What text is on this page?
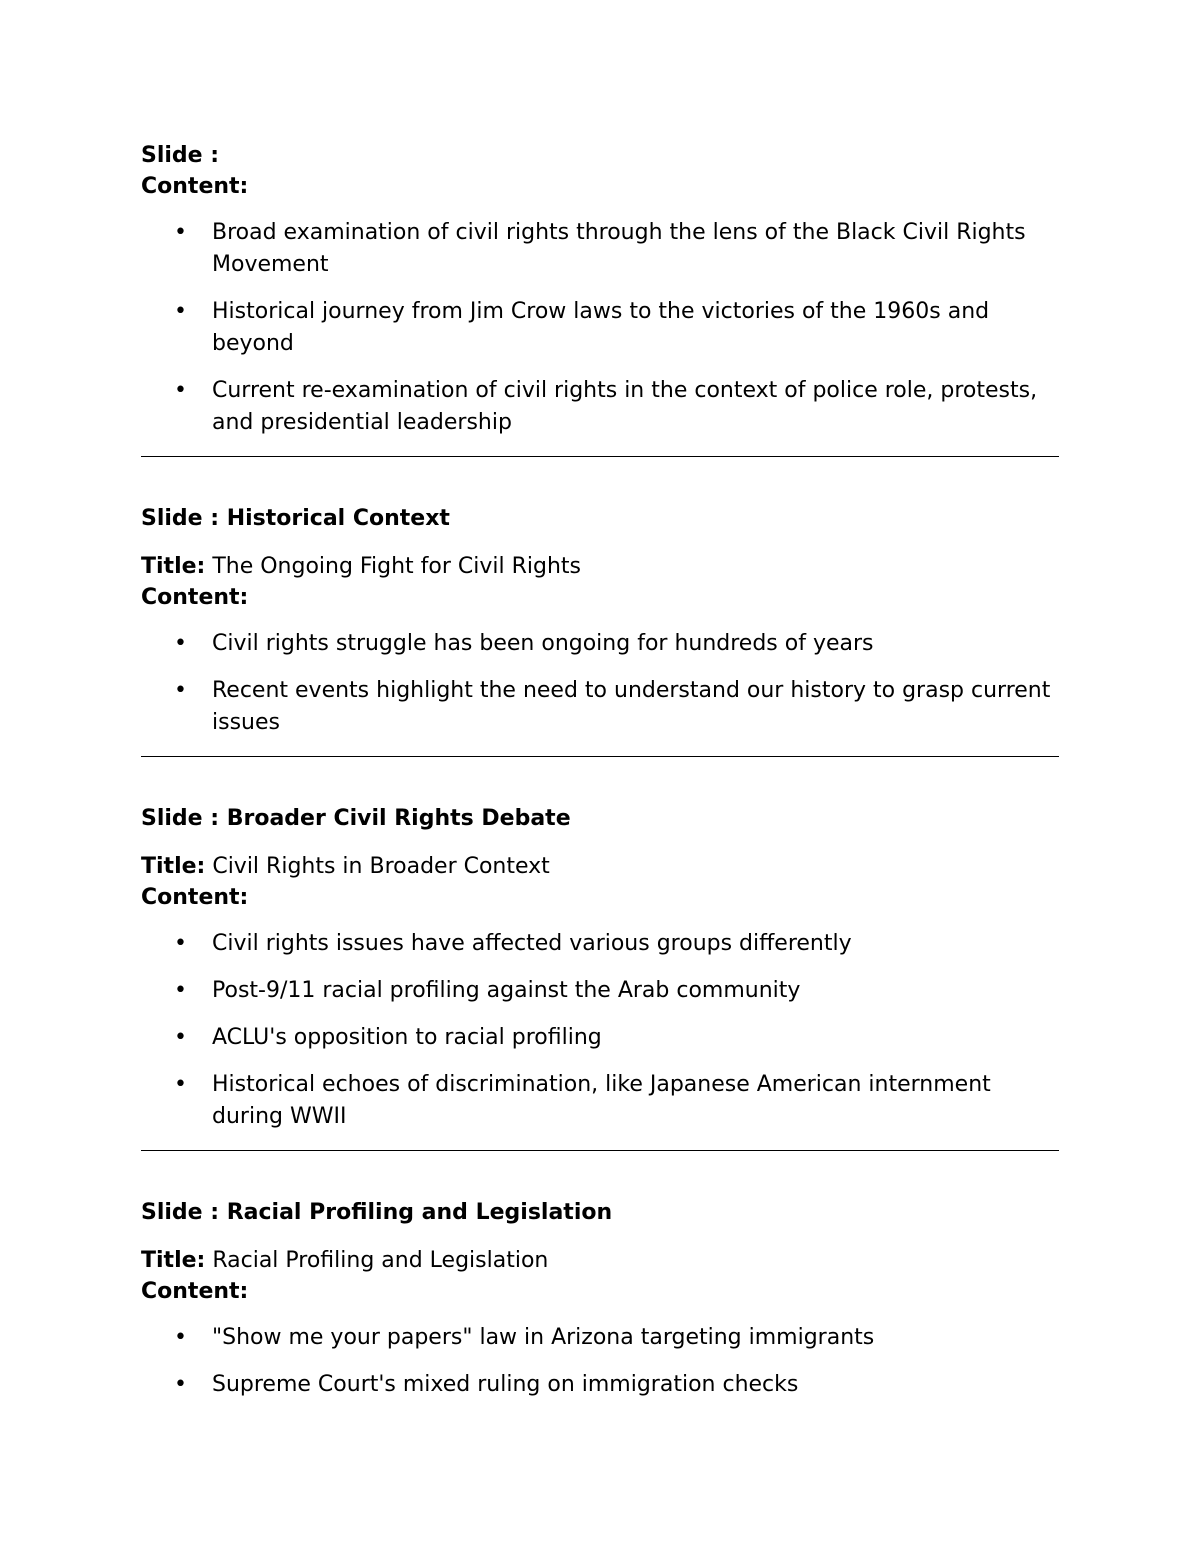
Slide :

Content:

• Broad examination of civil rights through the lens of the Black Civil Rights Movement
• Historical journey from Jim Crow laws to the victories of the 1960s and beyond
• Current re-examination of civil rights in the context of police role, protests, and presidential leadership

Slide : Historical Context

Title: The Ongoing Fight for Civil Rights

Content:

• Civil rights struggle has been ongoing for hundreds of years
• Recent events highlight the need to understand our history to grasp current issues

Slide : Broader Civil Rights Debate

Title: Civil Rights in Broader Context

Content:

• Civil rights issues have affected various groups differently
• Post-9/11 racial profiling against the Arab community
• ACLU's opposition to racial profiling
• Historical echoes of discrimination, like Japanese American internment during WWII

Slide : Racial Profiling and Legislation

Title: Racial Profiling and Legislation

Content:

• "Show me your papers" law in Arizona targeting immigrants
• Supreme Court's mixed ruling on immigration checks
